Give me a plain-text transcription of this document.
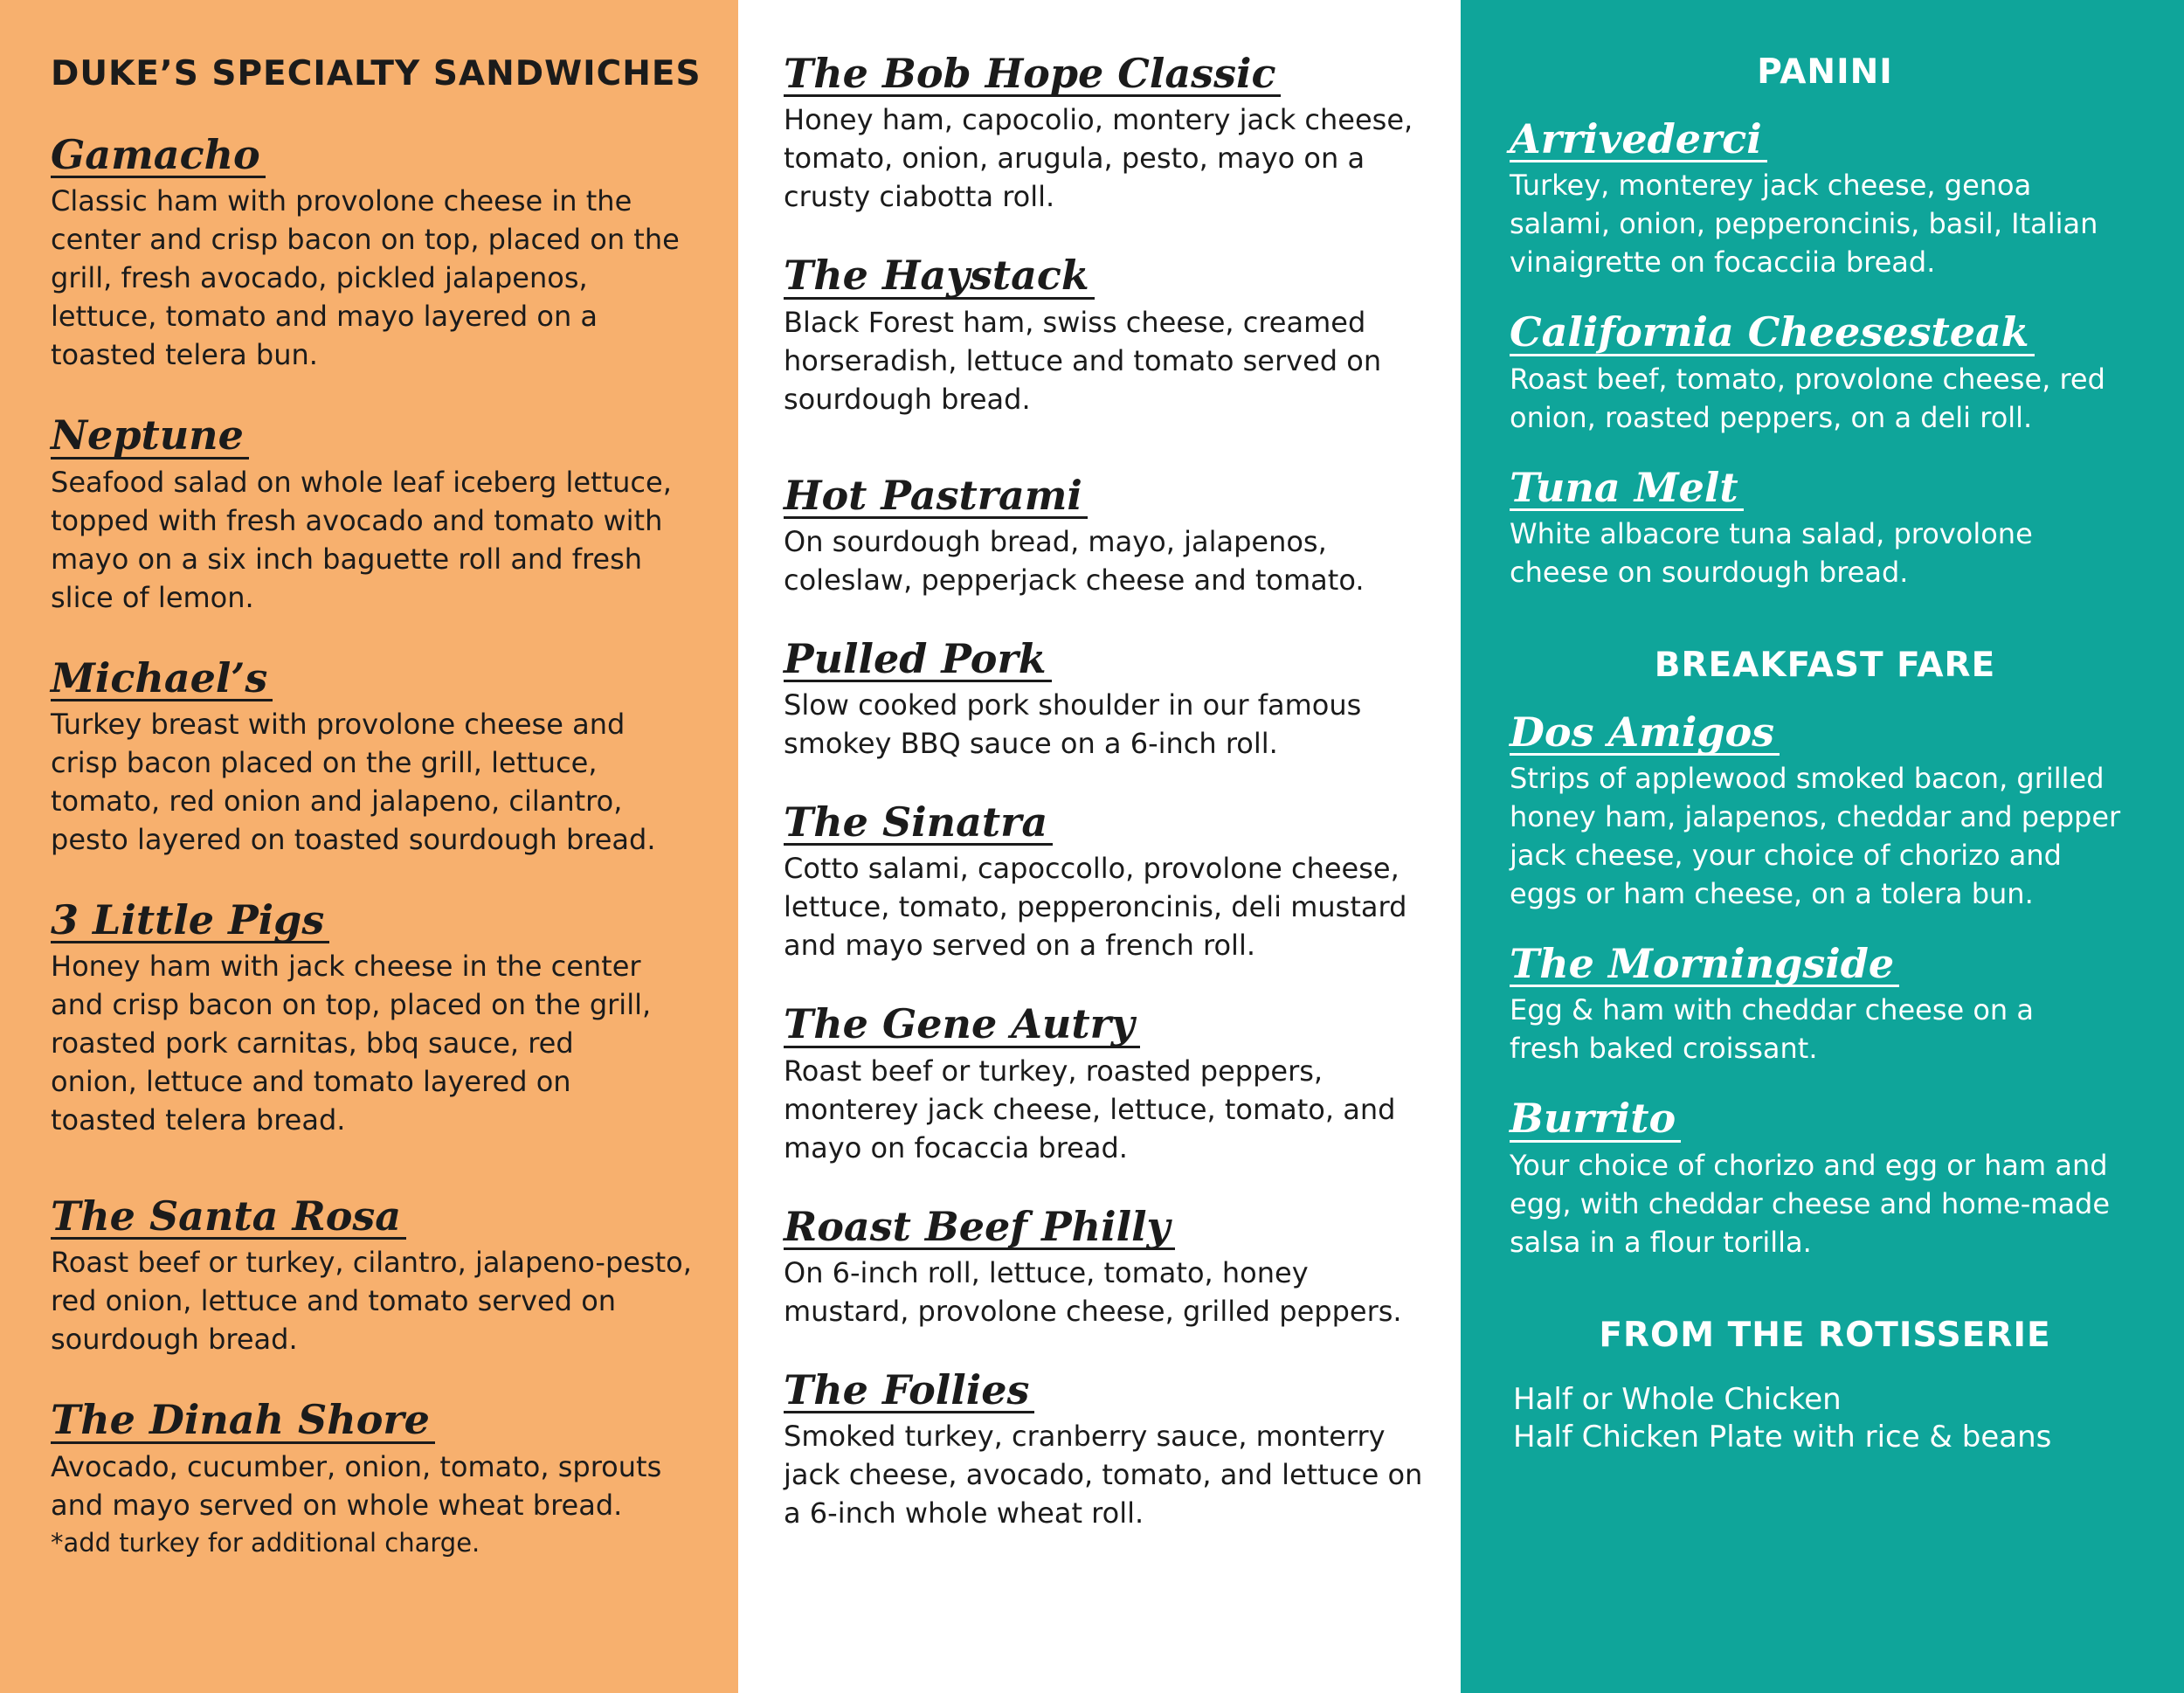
DUKE’S SPECIALTY SANDWICHES
Gamacho

Classic ham with provolone cheese in the center and crisp bacon on top, placed on the grill, fresh avocado, pickled jalapenos, lettuce, tomato and mayo layered on a toasted telera bun.

Neptune

Seafood salad on whole leaf iceberg lettuce, topped with fresh avocado and tomato with mayo on a six inch baguette roll and fresh slice of lemon.

Michael’s

Turkey breast with provolone cheese and crisp bacon placed on the grill, lettuce, tomato, red onion and jalapeno, cilantro, pesto layered on toasted sourdough bread.

3 Little Pigs

Honey ham with jack cheese in the center and crisp bacon on top, placed on the grill, roasted pork carnitas, bbq sauce, red onion, lettuce and tomato layered on toasted telera bread.

The Santa Rosa

Roast beef or turkey, cilantro, jalapeno-pesto, red onion, lettuce and tomato served on sourdough bread.

The Dinah Shore

Avocado, cucumber, onion, tomato, sprouts and mayo served on whole wheat bread.

*add turkey for additional charge.

The Bob Hope Classic

Honey ham, capocolio, montery jack cheese, tomato, onion, arugula, pesto, mayo on a crusty ciabotta roll.

The Haystack

Black Forest ham, swiss cheese, creamed horseradish, lettuce and tomato served on sourdough bread.

Hot Pastrami

On sourdough bread, mayo, jalapenos, coleslaw, pepperjack cheese and tomato.

Pulled Pork

Slow cooked pork shoulder in our famous smokey BBQ sauce on a 6-inch roll.

The Sinatra

Cotto salami, capoccollo, provolone cheese, lettuce, tomato, pepperoncinis, deli mustard and mayo served on a french roll.

The Gene Autry

Roast beef or turkey, roasted peppers, monterey jack cheese, lettuce, tomato, and mayo on focaccia bread.

Roast Beef Philly

On 6-inch roll, lettuce, tomato, honey mustard, provolone cheese, grilled peppers.

The Follies

Smoked turkey, cranberry sauce, monterry jack cheese, avocado, tomato, and lettuce on a 6-inch whole wheat roll.

PANINI
Arrivederci

Turkey, monterey jack cheese, genoa salami, onion, pepperoncinis, basil, Italian vinaigrette on focacciia bread.

California Cheesesteak

Roast beef, tomato, provolone cheese, red onion, roasted peppers, on a deli roll.

Tuna Melt

White albacore tuna salad, provolone cheese on sourdough bread.

BREAKFAST FARE
Dos Amigos

Strips of applewood smoked bacon, grilled honey ham, jalapenos, cheddar and pepper jack cheese, your choice of chorizo and eggs or ham cheese, on a tolera bun.

The Morningside

Egg & ham with cheddar cheese on a fresh baked croissant.

Burrito

Your choice of chorizo and egg or ham and egg, with cheddar cheese and home-made salsa in a flour torilla.

FROM THE ROTISSERIE

Half or Whole Chicken

Half Chicken Plate with rice & beans
